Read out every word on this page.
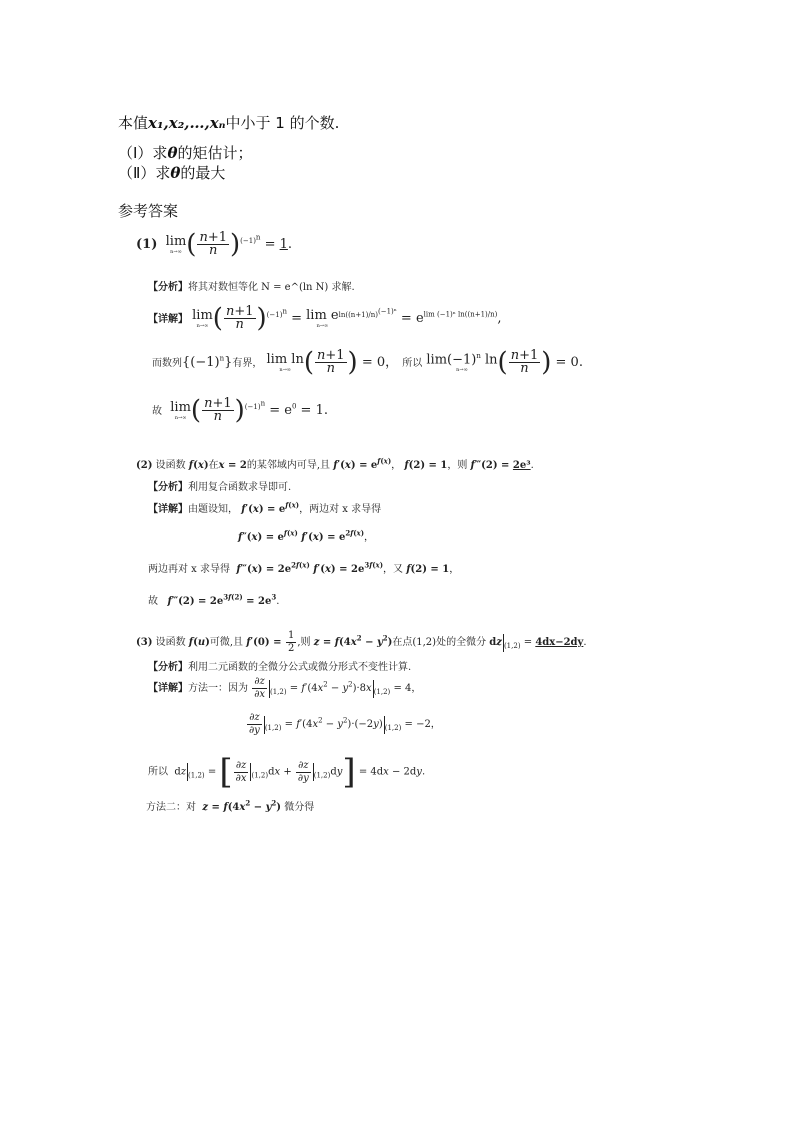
本值x₁,x₂,…,xₙ中小于 1 的个数.
（Ⅰ）求θ的矩估计；
（Ⅱ）求θ的最大
参考答案
(1) lim
n→∞ ( $\frac{n+1}{n} )^{(-1)^n} = 1$.
【分析】将其对数恒等化 N = e^(ln N) 求解.
【详解】 lim
n→∞ ( $\frac{n+1}{n} )^{(-1)^n} = \lim e$
n→∞
$^{ln((n+1)/n)^{(-1)^n}} = e^{lim (-1)^n ln((n+1)/n)}$,
而数列$\{(-1)^n\}$有界， lim ln
n→∞ ( $\frac{n+1}{n}$ ) = 0， 所以 $\lim(-1)^n$ ln
n→∞ ( $\frac{n+1}{n}$ ) = 0.
故 lim
n→∞ ( $\frac{n+1}{n} )^{(-1)^n} = e^0 = 1$.
(2) 设函数 f(x)在x = 2的某邻域内可导,且 $f'(x) = e^{f(x)}$， f(2) = 1，则 f‴(2) = 2e³.
【分析】利用复合函数求导即可.
【详解】由题设知， $f'(x) = e^{f(x)}$，两边对 x 求导得
$f''(x) = e^{f(x)}$ $f'(x) = e^{2f(x)}$，
两边再对 x 求导得 f‴(x) = $2e^{2f(x)}$ $f'(x) = 2e^{3f(x)}$，又 f(2) = 1，
故 f‴(2) = $2e^{3f(2)} = 2e^3$.
(3) 设函数 f(u)可微,且 $f'(0) = \frac{1}{2}$ ,则 $z = f(4x^2 - y^2)$在点(1,2)处的全微分 dz $_{(1,2)}$ = 4dx−2dy.
【分析】利用二元函数的全微分公式或微分形式不变性计算.
【详解】方法一：因为 $\frac{\partial z}{\partial x} _{(1,2)} = f'(4x^2 - y^2)\cdot 8x$ $_{(1,2)}$ = 4，
$\frac{\partial z}{\partial y} _{(1,2)} = f'(4x^2 - y^2)\cdot(-2y) _{(1,2)} = -2$，
所以  dz $_{(1,2)}$ = [ $\frac{\partial z}{\partial x} _{(1,2)}dx + \frac{\partial z}{\partial y} _{(1,2)}dy] = 4dx - 2dy$.
方法二：对 $z = f(4x^2 - y^2)$ 微分得
